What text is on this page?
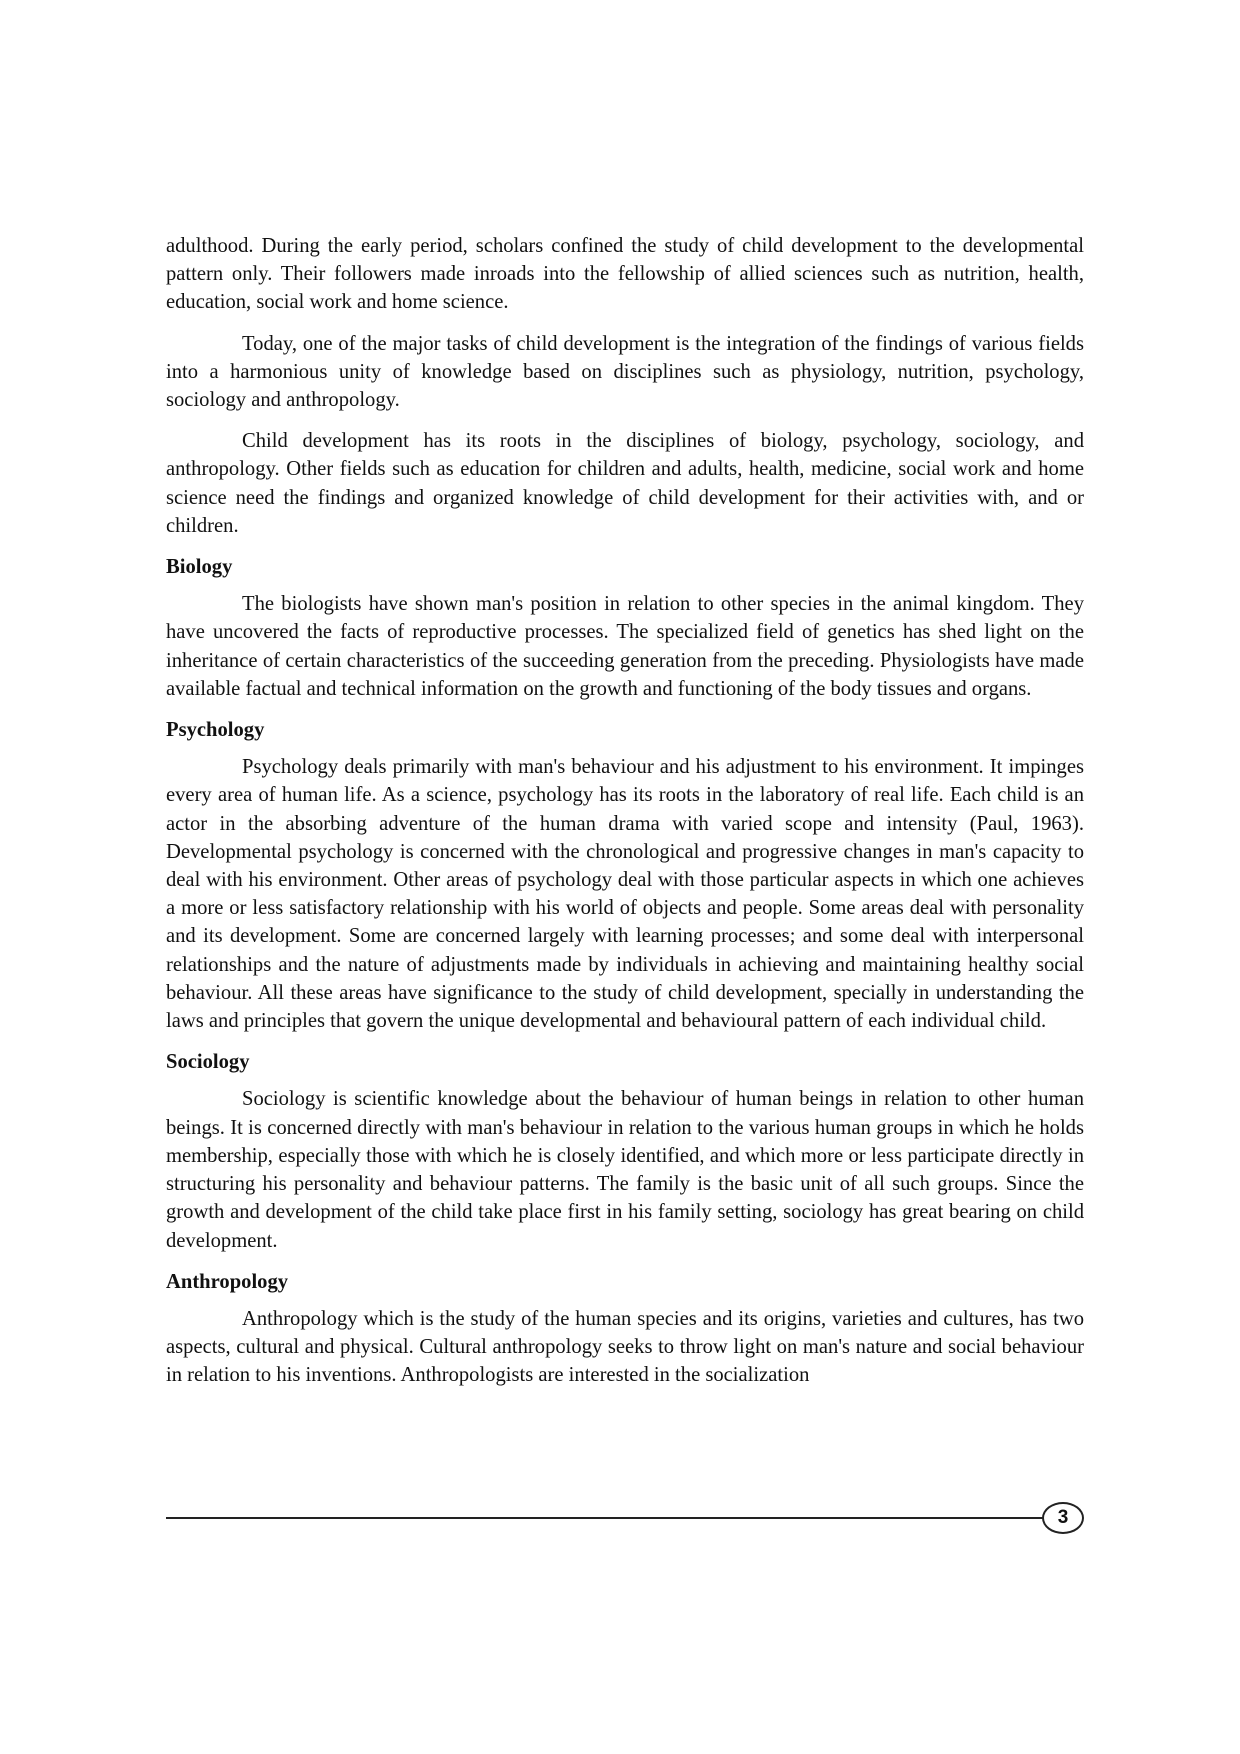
adulthood. During the early period, scholars confined the study of child development to the developmental pattern only. Their followers made inroads into the fellowship of allied sciences such as nutrition, health, education, social work and home science.

Today, one of the major tasks of child development is the integration of the findings of various fields into a harmonious unity of knowledge based on disciplines such as physiology, nutrition, psychology, sociology and anthropology.

Child development has its roots in the disciplines of biology, psychology, sociology, and anthropology. Other fields such as education for children and adults, health, medicine, social work and home science need the findings and organized knowledge of child development for their activities with, and or children.

Biology

The biologists have shown man's position in relation to other species in the animal kingdom. They have uncovered the facts of reproductive processes. The specialized field of genetics has shed light on the inheritance of certain characteristics of the succeeding generation from the preceding. Physiologists have made available factual and technical information on the growth and functioning of the body tissues and organs.

Psychology

Psychology deals primarily with man's behaviour and his adjustment to his environment. It impinges every area of human life. As a science, psychology has its roots in the laboratory of real life. Each child is an actor in the absorbing adventure of the human drama with varied scope and intensity (Paul, 1963). Developmental psychology is concerned with the chronological and progressive changes in man's capacity to deal with his environment. Other areas of psychology deal with those particular aspects in which one achieves a more or less satisfactory relationship with his world of objects and people. Some areas deal with personality and its development. Some are concerned largely with learning processes; and some deal with interpersonal relationships and the nature of adjustments made by individuals in achieving and maintaining healthy social behaviour. All these areas have significance to the study of child development, specially in understanding the laws and principles that govern the unique developmental and behavioural pattern of each individual child.

Sociology

Sociology is scientific knowledge about the behaviour of human beings in relation to other human beings. It is concerned directly with man's behaviour in relation to the various human groups in which he holds membership, especially those with which he is closely identified, and which more or less participate directly in structuring his personality and behaviour patterns. The family is the basic unit of all such groups. Since the growth and development of the child take place first in his family setting, sociology has great bearing on child development.

Anthropology

Anthropology which is the study of the human species and its origins, varieties and cultures, has two aspects, cultural and physical. Cultural anthropology seeks to throw light on man's nature and social behaviour in relation to his inventions. Anthropologists are interested in the socialization

3
